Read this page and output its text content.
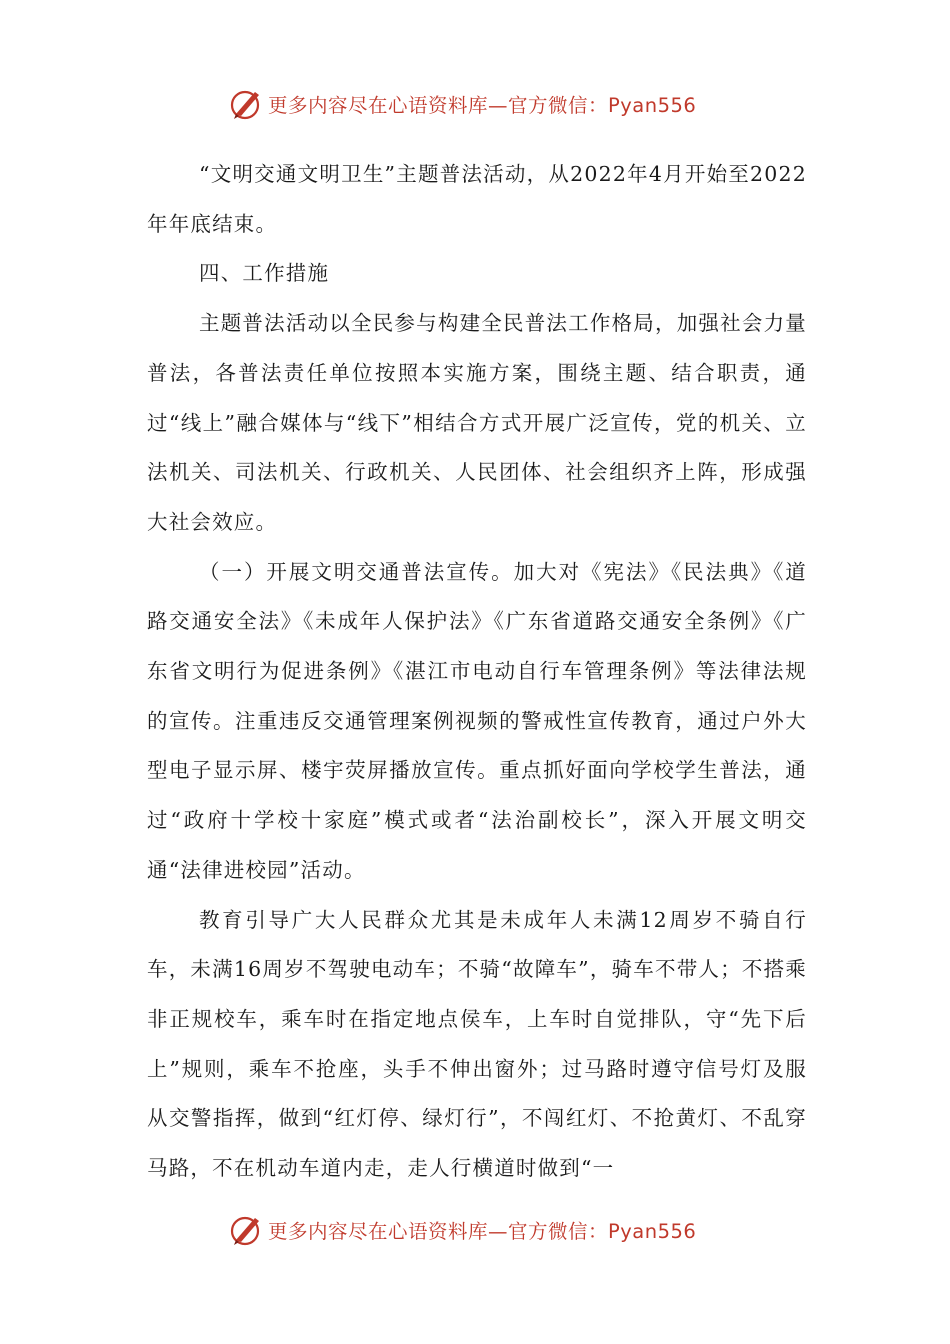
更多内容尽在心语资料库—官方微信：Pyan556

“文明交通文明卫生”主题普法活动，从2022年4月开始至2022年年底结束。

四、工作措施

主题普法活动以全民参与构建全民普法工作格局，加强社会力量普法，各普法责任单位按照本实施方案，围绕主题、结合职责，通过“线上”融合媒体与“线下”相结合方式开展广泛宣传，党的机关、立法机关、司法机关、行政机关、人民团体、社会组织齐上阵，形成强大社会效应。

（一）开展文明交通普法宣传。加大对《宪法》《民法典》《道路交通安全法》《未成年人保护法》《广东省道路交通安全条例》《广东省文明行为促进条例》《湛江市电动自行车管理条例》等法律法规的宣传。注重违反交通管理案例视频的警戒性宣传教育，通过户外大型电子显示屏、楼宇荧屏播放宣传。重点抓好面向学校学生普法，通过“政府十学校十家庭”模式或者“法治副校长”，深入开展文明交通“法律进校园”活动。

教育引导广大人民群众尤其是未成年人未满12周岁不骑自行车，未满16周岁不驾驶电动车；不骑“故障车”，骑车不带人；不搭乘非正规校车，乘车时在指定地点侯车，上车时自觉排队，守“先下后上”规则，乘车不抢座，头手不伸出窗外；过马路时遵守信号灯及服从交警指挥，做到“红灯停、绿灯行”，不闯红灯、不抢黄灯、不乱穿马路，不在机动车道内走，走人行横道时做到“一

更多内容尽在心语资料库—官方微信：Pyan556
